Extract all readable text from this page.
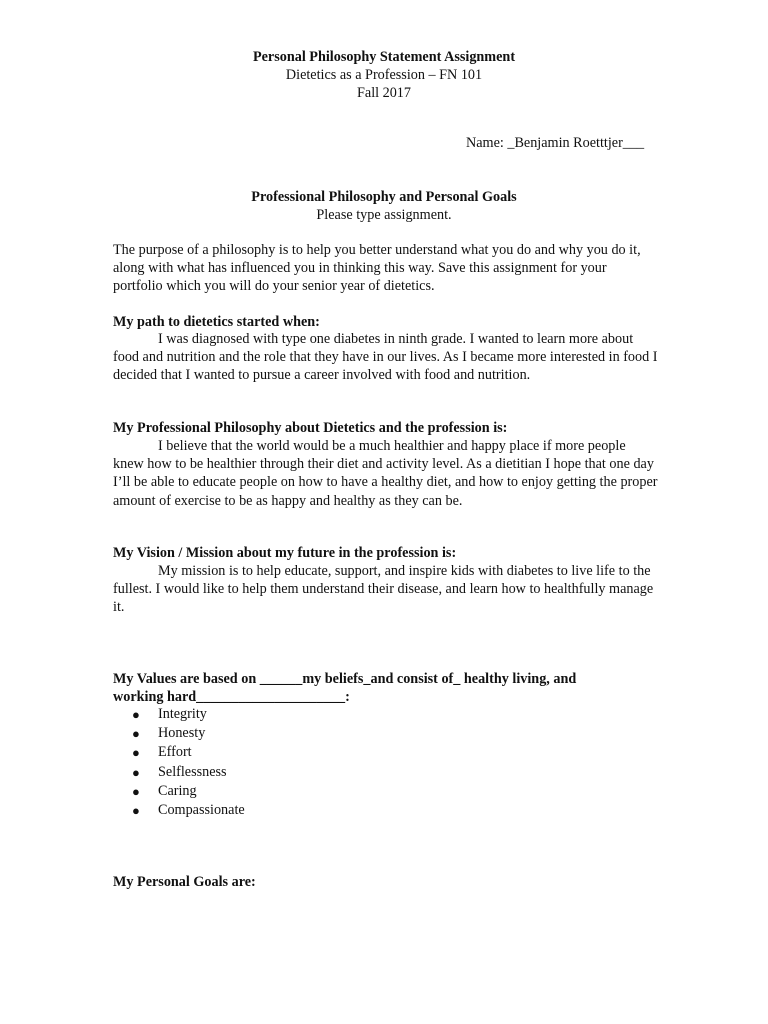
Personal Philosophy Statement Assignment
Dietetics as a Profession – FN 101
Fall 2017
Name: _Benjamin Roetttjer___
Professional Philosophy and Personal Goals
Please type assignment.

The purpose of a philosophy is to help you better understand what you do and why you do it, along with what has influenced you in thinking this way. Save this assignment for your portfolio which you will do your senior year of dietetics.

My path to dietetics started when:

I was diagnosed with type one diabetes in ninth grade. I wanted to learn more about food and nutrition and the role that they have in our lives. As I became more interested in food I decided that I wanted to pursue a career involved with food and nutrition.

My Professional Philosophy about Dietetics and the profession is:

I believe that the world would be a much healthier and happy place if more people knew how to be healthier through their diet and activity level. As a dietitian I hope that one day I’ll be able to educate people on how to have a healthy diet, and how to enjoy getting the proper amount of exercise to be as happy and healthy as they can be.

My Vision / Mission about my future in the profession is:

My mission is to help educate, support, and inspire kids with diabetes to live life to the fullest. I would like to help them understand their disease, and learn how to healthfully manage it.

My Values are based on ______my beliefs_and consist of_ healthy living, and working hard_____________________:
● Integrity
● Honesty
● Effort
● Selflessness
● Caring
● Compassionate
My Personal Goals are:
